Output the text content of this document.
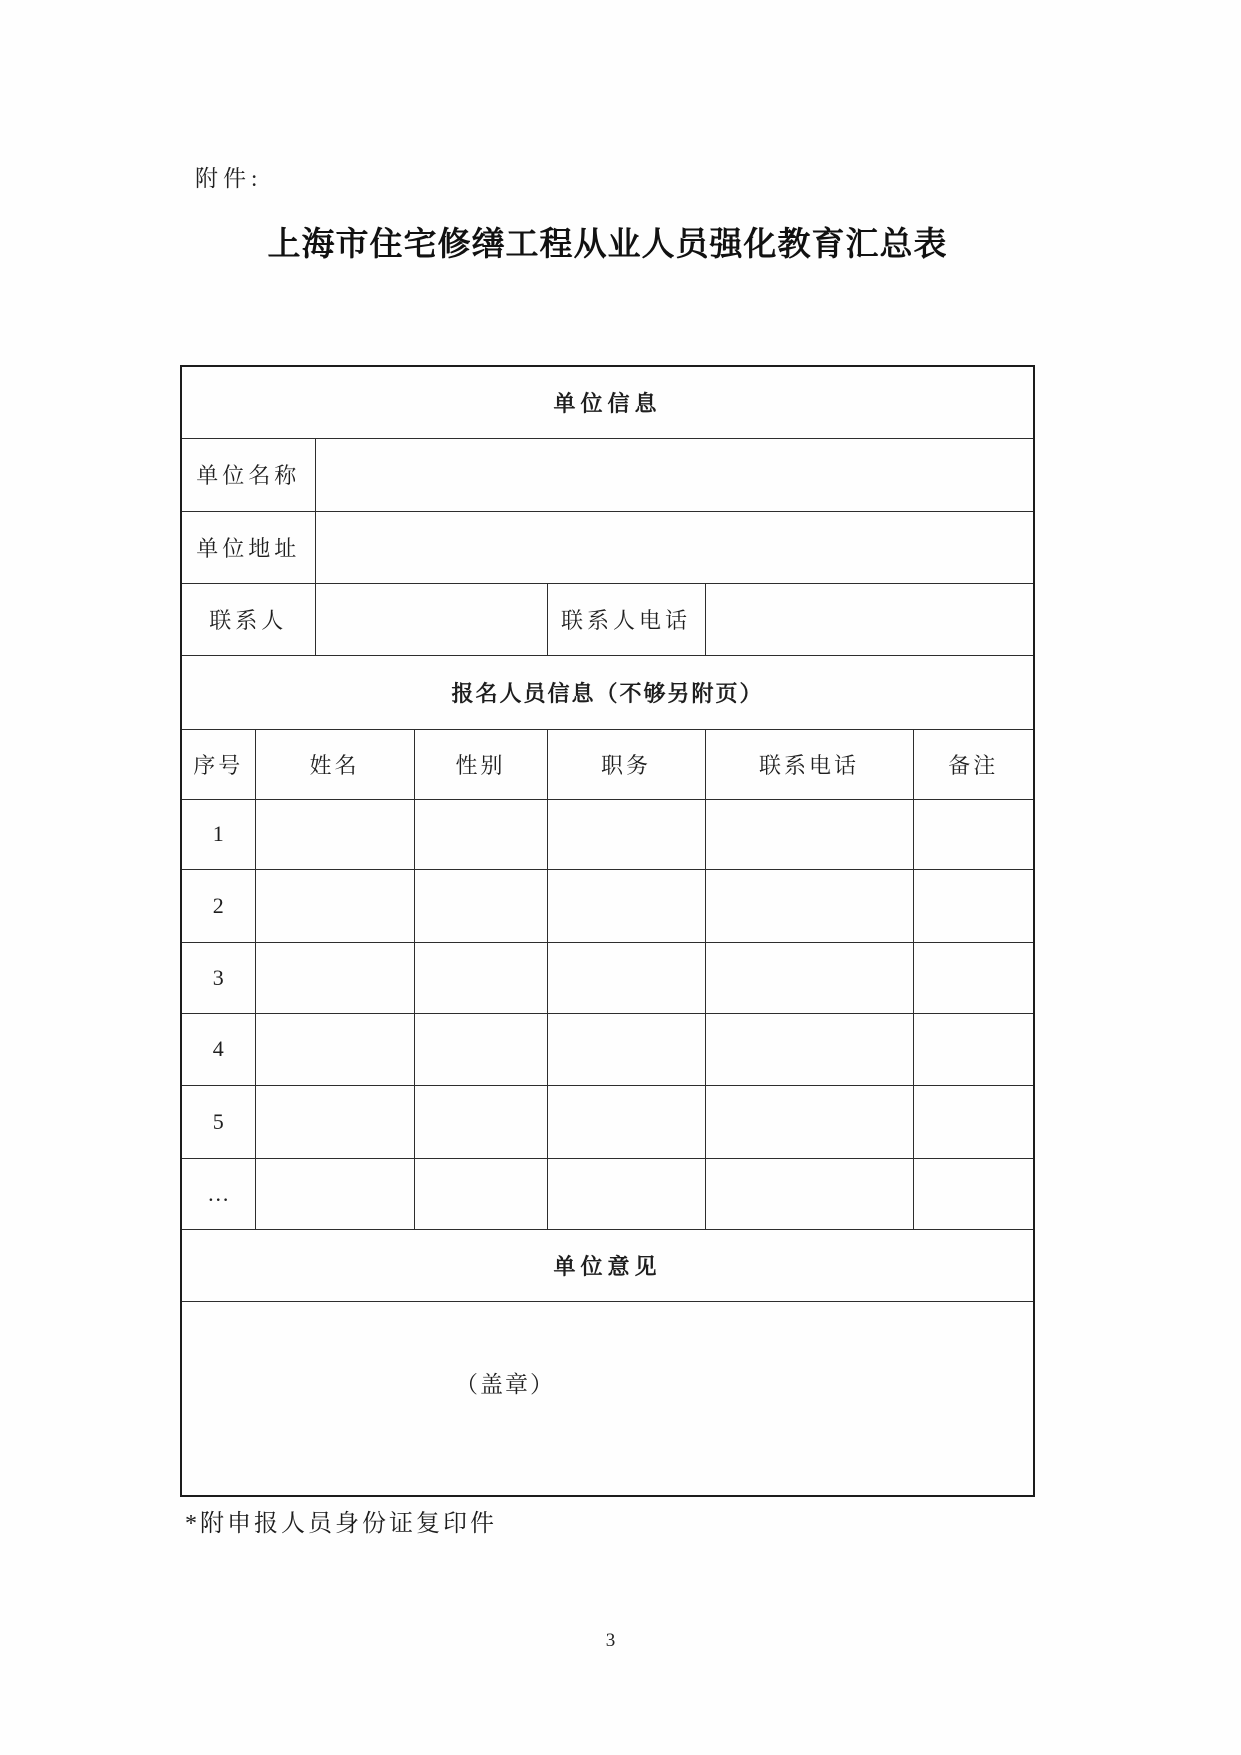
附件:
上海市住宅修缮工程从业人员强化教育汇总表
单位信息						
单位名称						
单位地址						
联系人				联系人电话		
报名人员信息（不够另附页）						
序号	姓名		性别	职务	联系电话	备注
1						
2						
3						
4						
5						
…						
单位意见						
（盖章）						
*附申报人员身份证复印件
3
